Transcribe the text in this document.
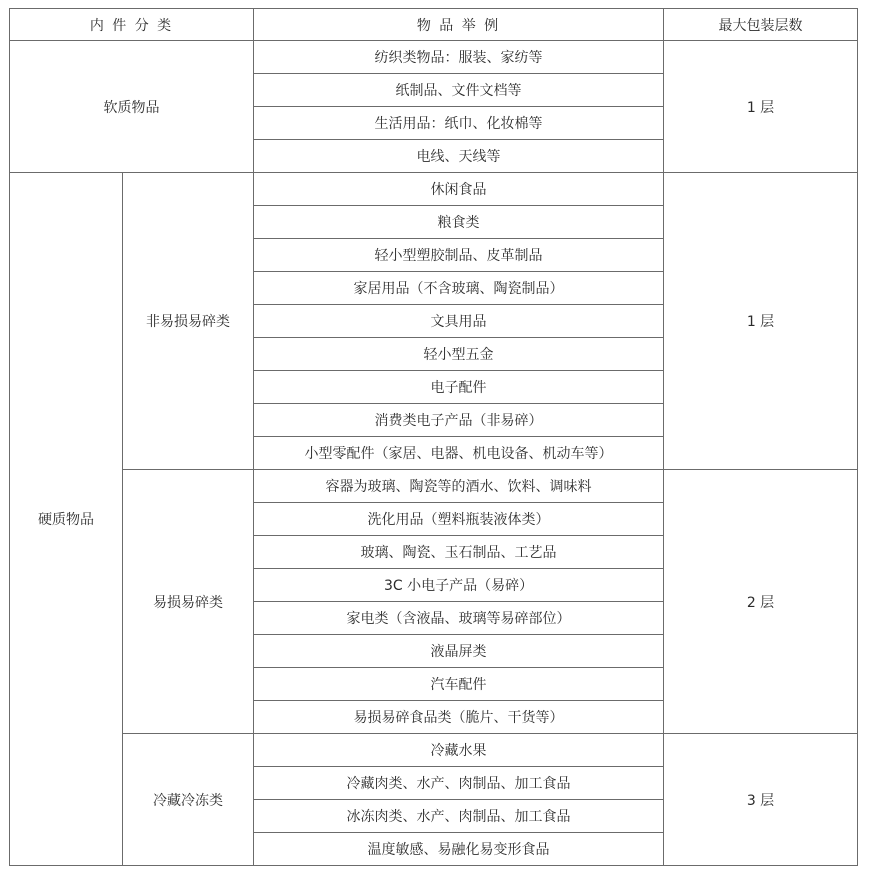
内 件 分 类		物 品 举 例	最大包装层数
软质物品		纺织类物品：服装、家纺等	1 层
		纸制品、文件文档等	
		生活用品：纸巾、化妆棉等	
		电线、天线等	
硬质物品	非易损易碎类	休闲食品	1 层
		粮食类	
		轻小型塑胶制品、皮革制品	
		家居用品（不含玻璃、陶瓷制品）	
		文具用品	
		轻小型五金	
		电子配件	
		消费类电子产品（非易碎）	
		小型零配件（家居、电器、机电设备、机动车等）	
	易损易碎类	容器为玻璃、陶瓷等的酒水、饮料、调味料	2 层
		洗化用品（塑料瓶装液体类）	
		玻璃、陶瓷、玉石制品、工艺品	
		3C 小电子产品（易碎）	
		家电类（含液晶、玻璃等易碎部位）	
		液晶屏类	
		汽车配件	
		易损易碎食品类（脆片、干货等）	
	冷藏冷冻类	冷藏水果	3 层
		冷藏肉类、水产、肉制品、加工食品	
		冰冻肉类、水产、肉制品、加工食品	
		温度敏感、易融化易变形食品	
